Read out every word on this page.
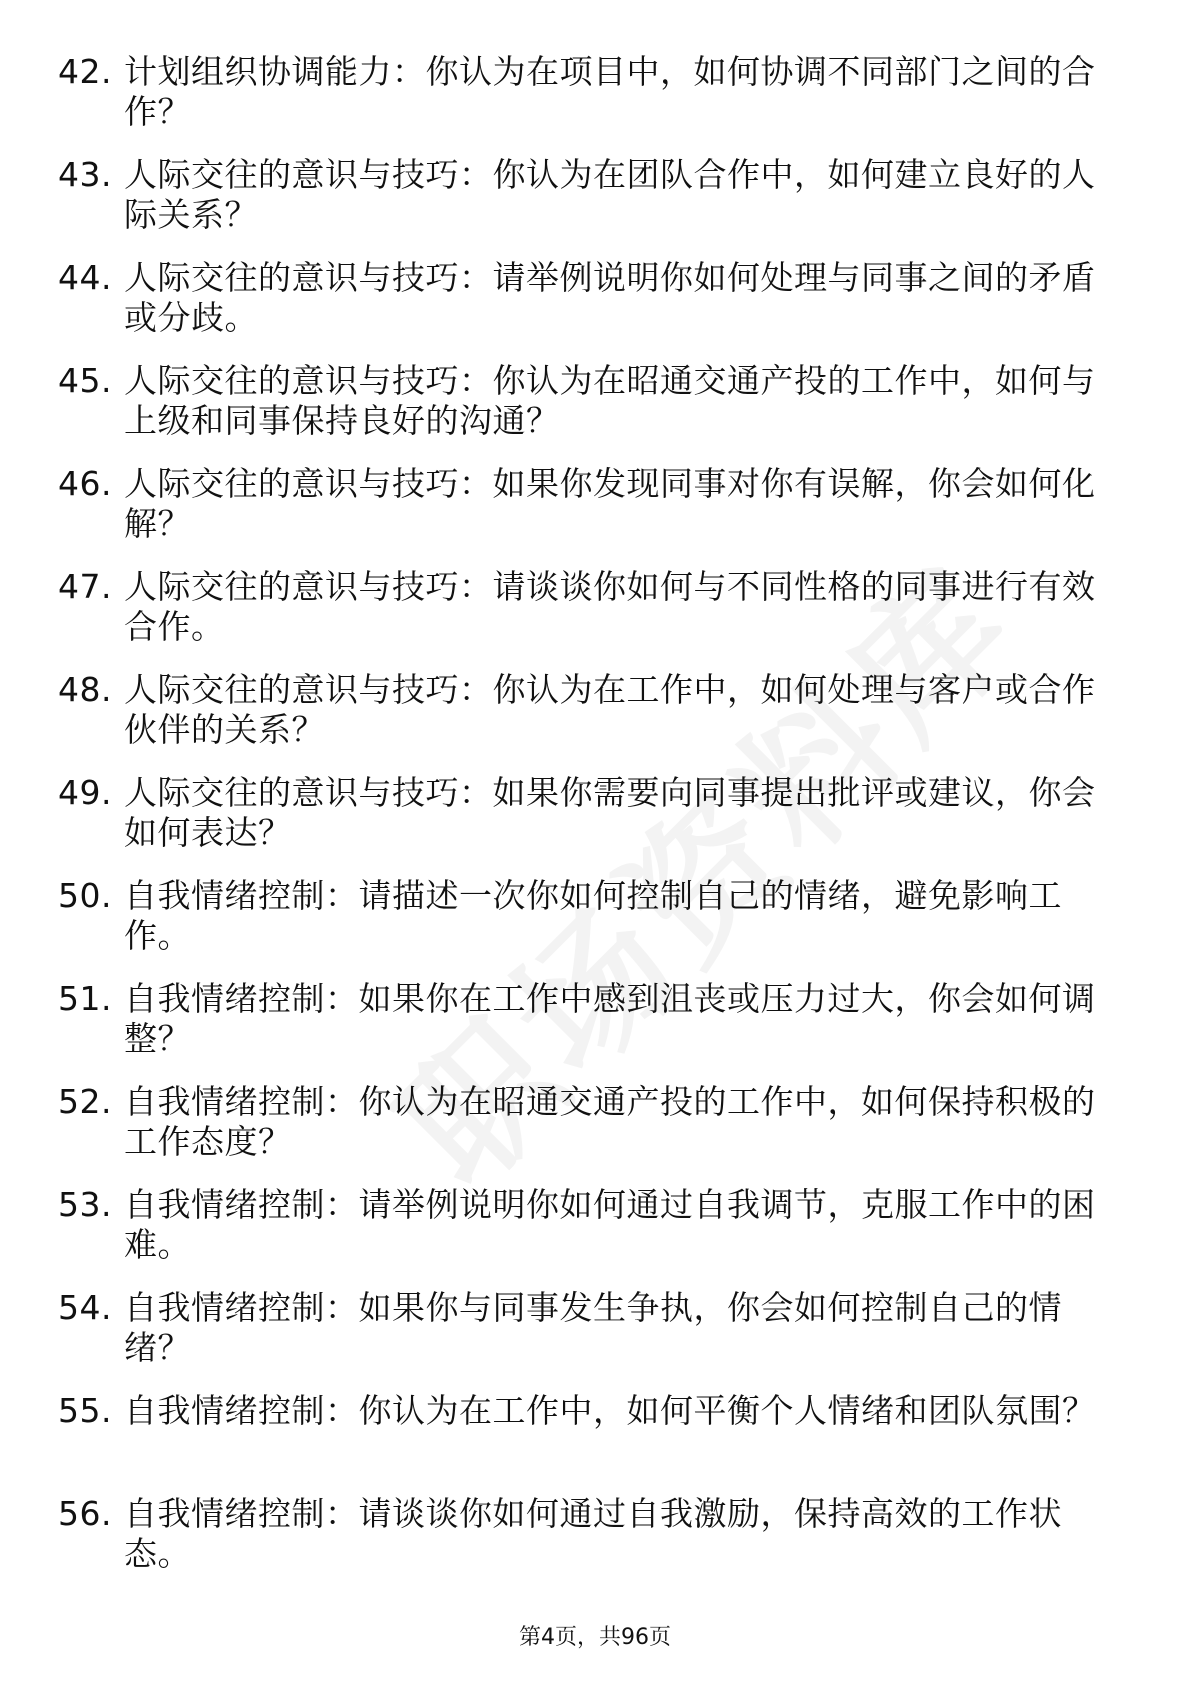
42. 计划组织协调能力：你认为在项目中，如何协调不同部门之间的合作？
43. 人际交往的意识与技巧：你认为在团队合作中，如何建立良好的人际关系？
44. 人际交往的意识与技巧：请举例说明你如何处理与同事之间的矛盾或分歧。
45. 人际交往的意识与技巧：你认为在昭通交通产投的工作中，如何与上级和同事保持良好的沟通？
46. 人际交往的意识与技巧：如果你发现同事对你有误解，你会如何化解？
47. 人际交往的意识与技巧：请谈谈你如何与不同性格的同事进行有效合作。
48. 人际交往的意识与技巧：你认为在工作中，如何处理与客户或合作伙伴的关系？
49. 人际交往的意识与技巧：如果你需要向同事提出批评或建议，你会如何表达？
50. 自我情绪控制：请描述一次你如何控制自己的情绪，避免影响工作。
51. 自我情绪控制：如果你在工作中感到沮丧或压力过大，你会如何调整？
52. 自我情绪控制：你认为在昭通交通产投的工作中，如何保持积极的工作态度？
53. 自我情绪控制：请举例说明你如何通过自我调节，克服工作中的困难。
54. 自我情绪控制：如果你与同事发生争执，你会如何控制自己的情绪？
55. 自我情绪控制：你认为在工作中，如何平衡个人情绪和团队氛围？
56. 自我情绪控制：请谈谈你如何通过自我激励，保持高效的工作状态。
第4页，共96页
